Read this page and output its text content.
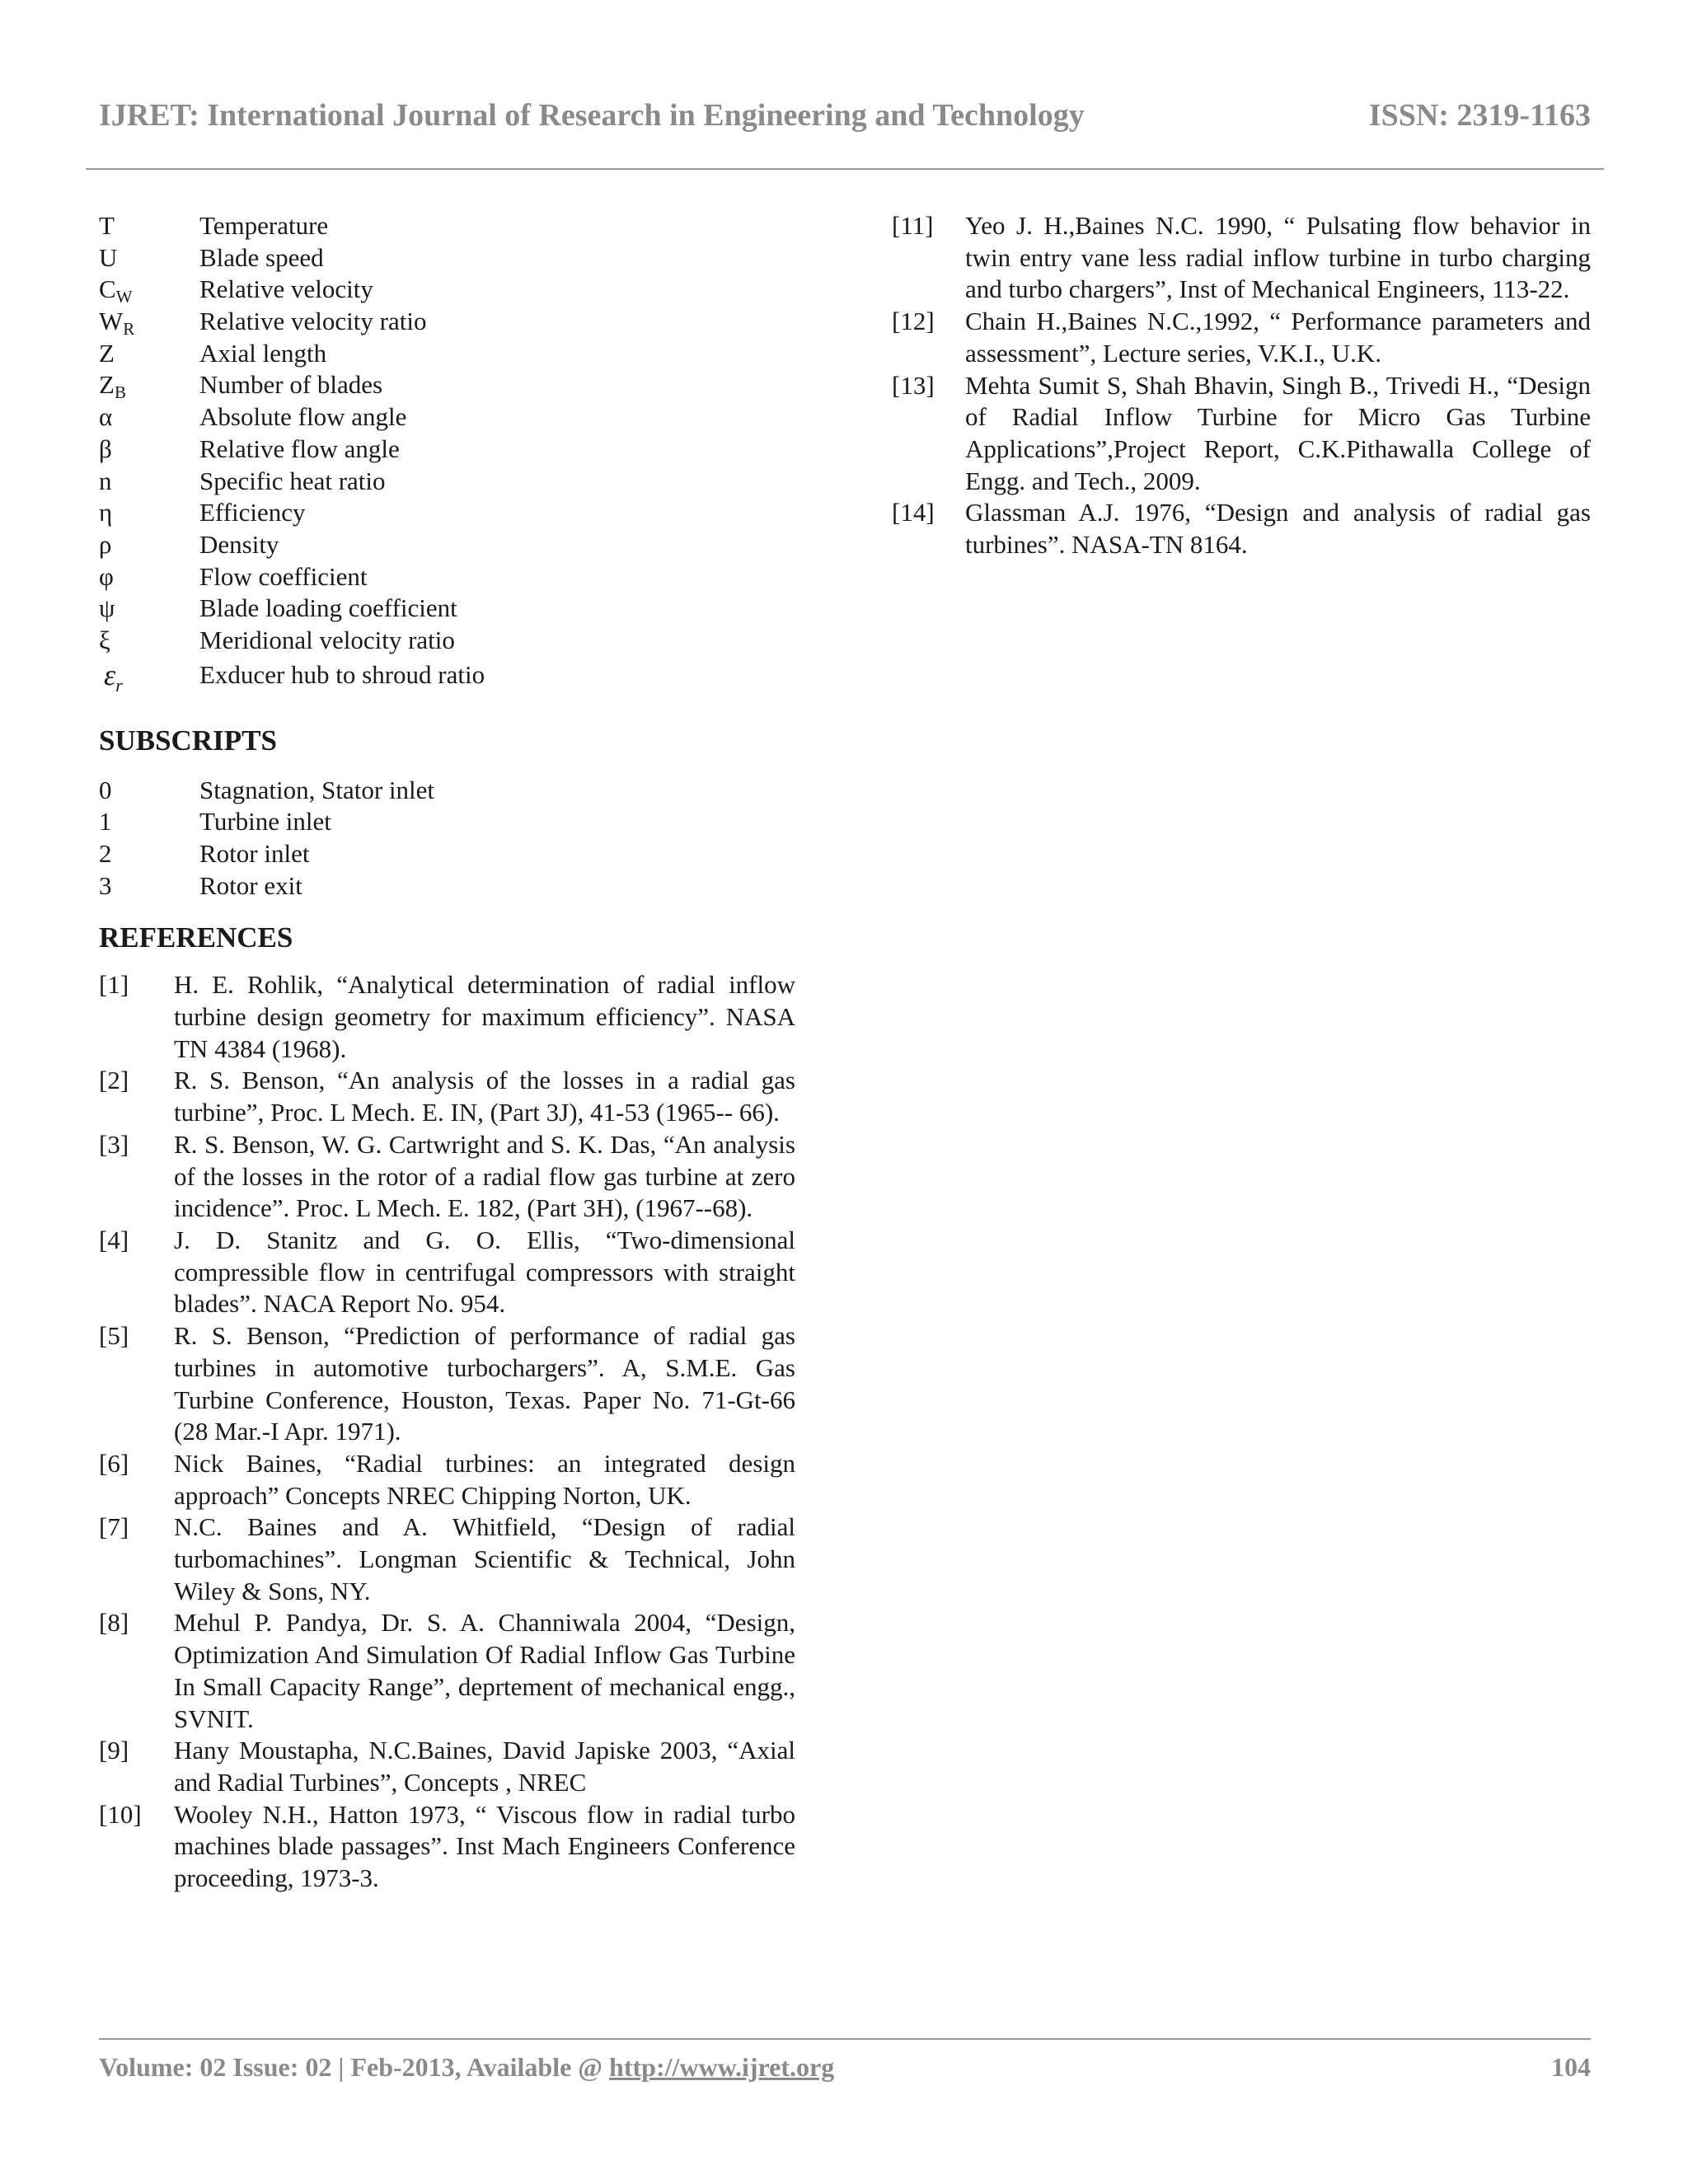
IJRET: International Journal of Research in Engineering and Technology	ISSN: 2319-1163
T	Temperature
U	Blade speed
$C_W$	Relative velocity
$W_R$	Relative velocity ratio
Z	Axial length
$Z_B$	Number of blades
α	Absolute flow angle
β	Relative flow angle
n	Specific heat ratio
η	Efficiency
ρ	Density
φ	Flow coefficient
ψ	Blade loading coefficient
ξ	Meridional velocity ratio
$\varepsilon_r$	Exducer hub to shroud ratio
SUBSCRIPTS
0	Stagnation, Stator inlet
1	Turbine inlet
2	Rotor inlet
3	Rotor exit
REFERENCES
[1]	H. E. Rohlik, “Analytical determination of radial inflow turbine design geometry for maximum efficiency”. NASA TN 4384 (1968).
[2]	R. S. Benson, “An analysis of the losses in a radial gas turbine”, Proc. L Mech. E. IN, (Part 3J), 41-53 (1965-- 66).
[3]	R. S. Benson, W. G. Cartwright and S. K. Das, “An analysis of the losses in the rotor of a radial flow gas turbine at zero incidence”. Proc. L Mech. E. 182, (Part 3H), (1967--68).
[4]	J. D. Stanitz and G. O. Ellis, “Two-dimensional compressible flow in centrifugal compressors with straight blades”. NACA Report No. 954.
[5]	R. S. Benson, “Prediction of performance of radial gas turbines in automotive turbochargers”. A, S.M.E. Gas Turbine Conference, Houston, Texas. Paper No. 71-Gt-66 (28 Mar.-I Apr. 1971).
[6]	Nick Baines, “Radial turbines: an integrated design approach” Concepts NREC Chipping Norton, UK.
[7]	N.C. Baines and A. Whitfield, “Design of radial turbomachines”. Longman Scientific & Technical, John Wiley & Sons, NY.
[8]	Mehul P. Pandya, Dr. S. A. Channiwala 2004, “Design, Optimization And Simulation Of Radial Inflow Gas Turbine In Small Capacity Range”, deprtement of mechanical engg., SVNIT.
[9]	Hany Moustapha, N.C.Baines, David Japiske 2003, “Axial and Radial Turbines”, Concepts , NREC
[10]	Wooley N.H., Hatton 1973, “ Viscous flow in radial turbo machines blade passages”. Inst Mach Engineers Conference proceeding, 1973-3.
[11]	Yeo J. H.,Baines N.C. 1990, “ Pulsating flow behavior in twin entry vane less radial inflow turbine in turbo charging and turbo chargers”, Inst of Mechanical Engineers, 113-22.
[12]	Chain H.,Baines N.C.,1992, “ Performance parameters and assessment”, Lecture series, V.K.I., U.K.
[13]	Mehta Sumit S, Shah Bhavin, Singh B., Trivedi H., “Design of Radial Inflow Turbine for Micro Gas Turbine Applications”,Project Report, C.K.Pithawalla College of Engg. and Tech., 2009.
[14]	Glassman A.J. 1976, “Design and analysis of radial gas turbines”. NASA-TN 8164.
Volume: 02 Issue: 02 | Feb-2013, Available @ http://www.ijret.org	104
